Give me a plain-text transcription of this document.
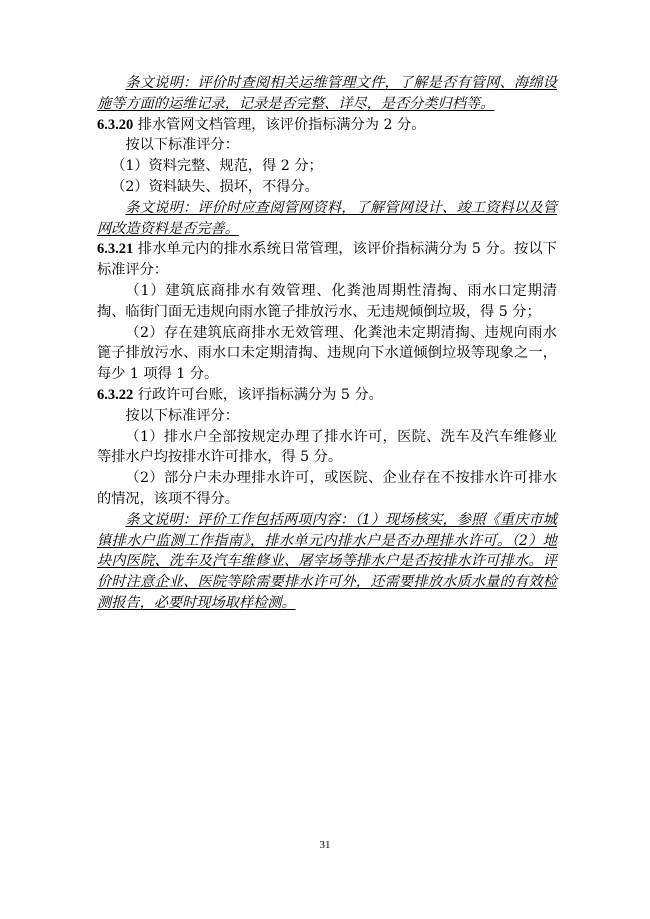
条文说明：评价时查阅相关运维管理文件，了解是否有管网、海绵设施等方面的运维记录，记录是否完整、详尽，是否分类归档等。

6.3.20 排水管网文档管理，该评价指标满分为 2 分。

按以下标准评分：

（1）资料完整、规范，得 2 分；

（2）资料缺失、损坏，不得分。

条文说明：评价时应查阅管网资料，了解管网设计、竣工资料以及管网改造资料是否完善。

6.3.21 排水单元内的排水系统日常管理，该评价指标满分为 5 分。按以下标准评分：

（1）建筑底商排水有效管理、化粪池周期性清掏、雨水口定期清掏、临街门面无违规向雨水篦子排放污水、无违规倾倒垃圾，得 5 分；

（2）存在建筑底商排水无效管理、化粪池未定期清掏、违规向雨水篦子排放污水、雨水口未定期清掏、违规向下水道倾倒垃圾等现象之一，每少 1 项得 1 分。

6.3.22 行政许可台账，该评指标满分为 5 分。

按以下标准评分：

（1）排水户全部按规定办理了排水许可，医院、洗车及汽车维修业等排水户均按排水许可排水，得 5 分。

（2）部分户未办理排水许可，或医院、企业存在不按排水许可排水的情况，该项不得分。

条文说明：评价工作包括两项内容：（1）现场核实，参照《重庆市城镇排水户监测工作指南》，排水单元内排水户是否办理排水许可。（2）地块内医院、洗车及汽车维修业、屠宰场等排水户是否按排水许可排水。评价时注意企业、医院等除需要排水许可外，还需要排放水质水量的有效检测报告，必要时现场取样检测。

31
